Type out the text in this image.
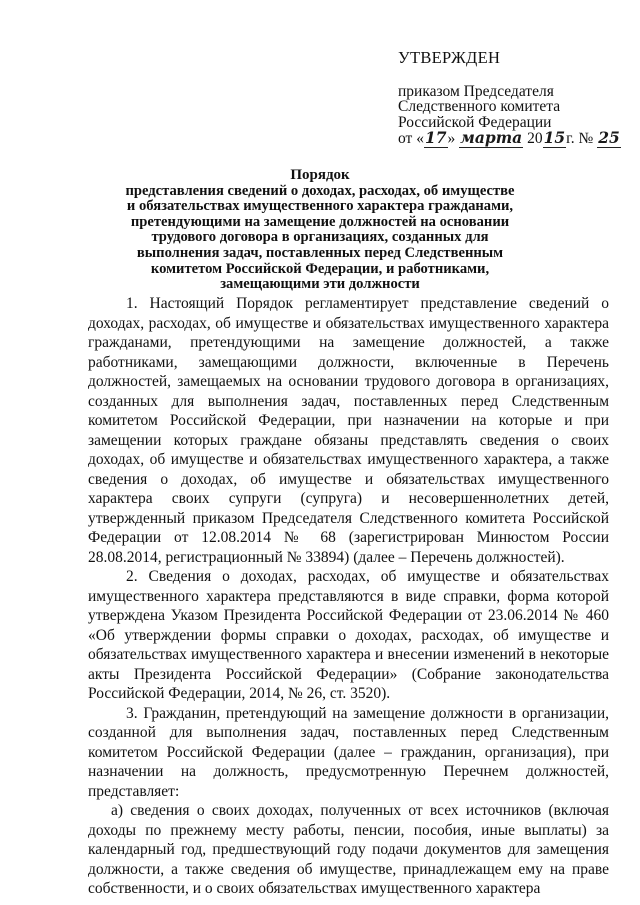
УТВЕРЖДЕН
приказом Председателя
Следственного комитета
Российской Федерации
от «17» марта 2015г. № 25
Порядок
представления сведений о доходах, расходах, об имуществе
и обязательствах имущественного характера гражданами,
претендующими на замещение должностей на основании
трудового договора в организациях, созданных для
выполнения задач, поставленных перед Следственным
комитетом Российской Федерации, и работниками,
замещающими эти должности

1. Настоящий Порядок регламентирует представление сведений о доходах, расходах, об имуществе и обязательствах имущественного характера гражданами, претендующими на замещение должностей, а также работниками, замещающими должности, включенные в Перечень должностей, замещаемых на основании трудового договора в организациях, созданных для выполнения задач, поставленных перед Следственным комитетом Российской Федерации, при назначении на которые и при замещении которых граждане обязаны представлять сведения о своих доходах, об имуществе и обязательствах имущественного характера, а также сведения о доходах, об имуществе и обязательствах имущественного характера своих супруги (супруга) и несовершеннолетних детей, утвержденный приказом Председателя Следственного комитета Российской Федерации от 12.08.2014 № 68 (зарегистрирован Минюстом России 28.08.2014, регистрационный № 33894) (далее – Перечень должностей).

2. Сведения о доходах, расходах, об имуществе и обязательствах имущественного характера представляются в виде справки, форма которой утверждена Указом Президента Российской Федерации от 23.06.2014 № 460 «Об утверждении формы справки о доходах, расходах, об имуществе и обязательствах имущественного характера и внесении изменений в некоторые акты Президента Российской Федерации» (Собрание законодательства Российской Федерации, 2014, № 26, ст. 3520).

3. Гражданин, претендующий на замещение должности в организации, созданной для выполнения задач, поставленных перед Следственным комитетом Российской Федерации (далее – гражданин, организация), при назначении на должность, предусмотренную Перечнем должностей, представляет:

а) сведения о своих доходах, полученных от всех источников (включая доходы по прежнему месту работы, пенсии, пособия, иные выплаты) за календарный год, предшествующий году подачи документов для замещения должности, а также сведения об имуществе, принадлежащем ему на праве собственности, и о своих обязательствах имущественного характера
